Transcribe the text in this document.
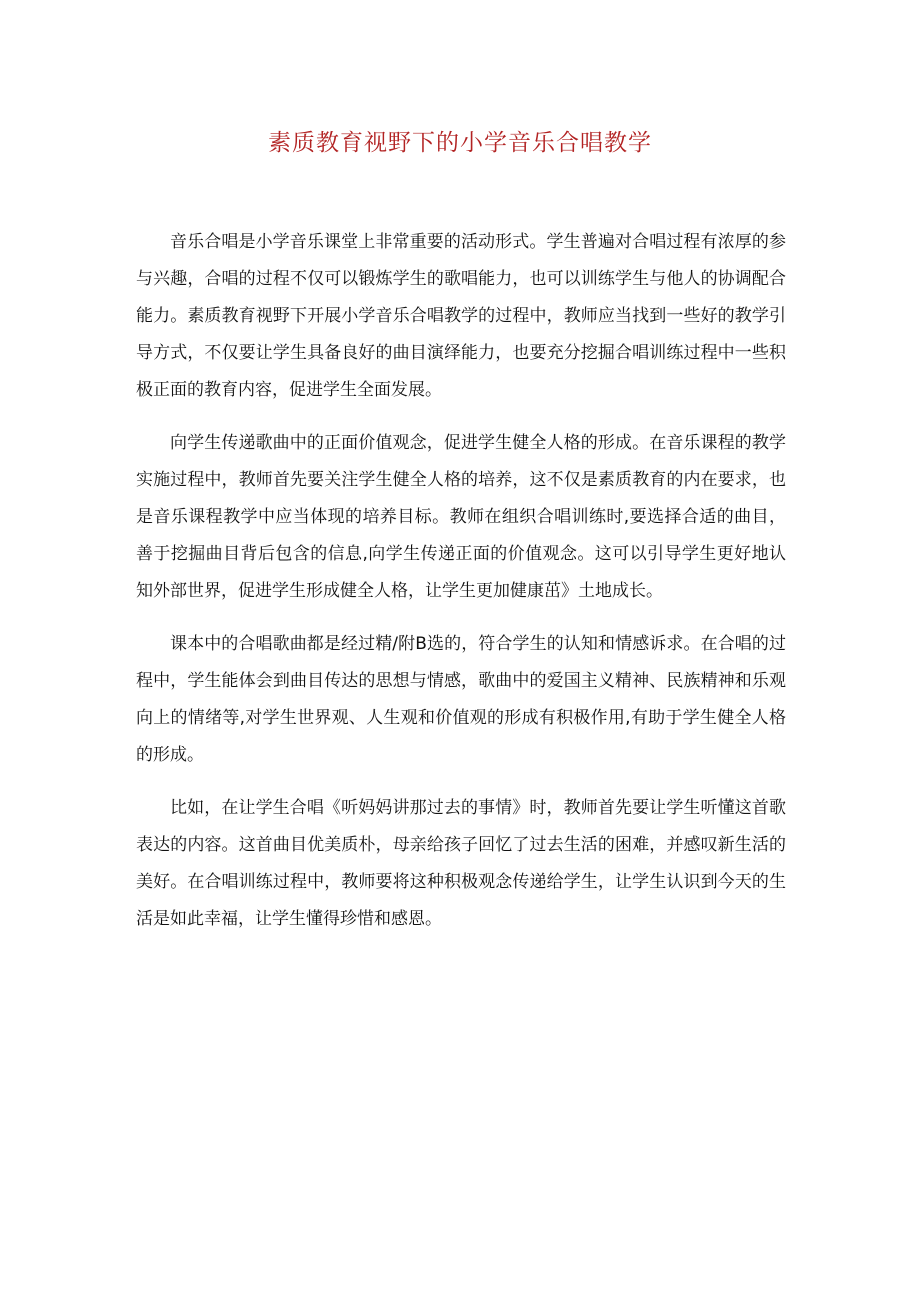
素质教育视野下的小学音乐合唱教学

音乐合唱是小学音乐课堂上非常重要的活动形式。学生普遍对合唱过程有浓厚的参与兴趣，合唱的过程不仅可以锻炼学生的歌唱能力，也可以训练学生与他人的协调配合能力。素质教育视野下开展小学音乐合唱教学的过程中，教师应当找到一些好的教学引导方式，不仅要让学生具备良好的曲目演绎能力，也要充分挖掘合唱训练过程中一些积极正面的教育内容，促进学生全面发展。

向学生传递歌曲中的正面价值观念，促进学生健全人格的形成。在音乐课程的教学实施过程中，教师首先要关注学生健全人格的培养，这不仅是素质教育的内在要求，也是音乐课程教学中应当体现的培养目标。教师在组织合唱训练时,要选择合适的曲目，善于挖掘曲目背后包含的信息,向学生传递正面的价值观念。这可以引导学生更好地认知外部世界，促进学生形成健全人格，让学生更加健康茁》土地成长。

课本中的合唱歌曲都是经过精/附B选的，符合学生的认知和情感诉求。在合唱的过程中，学生能体会到曲目传达的思想与情感，歌曲中的爱国主义精神、民族精神和乐观向上的情绪等,对学生世界观、人生观和价值观的形成有积极作用,有助于学生健全人格的形成。

比如，在让学生合唱《听妈妈讲那过去的事情》时，教师首先要让学生听懂这首歌表达的内容。这首曲目优美质朴，母亲给孩子回忆了过去生活的困难，并感叹新生活的美好。在合唱训练过程中，教师要将这种积极观念传递给学生，让学生认识到今天的生活是如此幸福，让学生懂得珍惜和感恩。
